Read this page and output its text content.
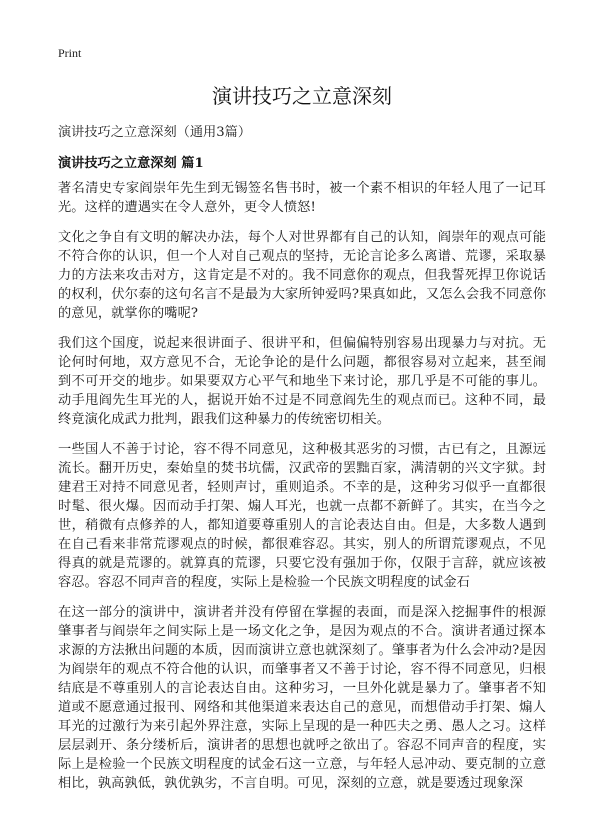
Print
演讲技巧之立意深刻
演讲技巧之立意深刻（通用3篇）
演讲技巧之立意深刻 篇1

著名清史专家阎崇年先生到无锡签名售书时，被一个素不相识的年轻人甩了一记耳光。这样的遭遇实在令人意外，更令人愤怒!

文化之争自有文明的解决办法，每个人对世界都有自己的认知，阎崇年的观点可能不符合你的认识，但一个人对自己观点的坚持，无论言论多么离谱、荒谬，采取暴力的方法来攻击对方，这肯定是不对的。我不同意你的观点，但我誓死捍卫你说话的权利，伏尔泰的这句名言不是最为大家所钟爱吗?果真如此，又怎么会我不同意你的意见，就掌你的嘴呢?

我们这个国度，说起来很讲面子、很讲平和，但偏偏特别容易出现暴力与对抗。无论何时何地，双方意见不合，无论争论的是什么问题，都很容易对立起来，甚至闹到不可开交的地步。如果要双方心平气和地坐下来讨论，那几乎是不可能的事儿。动手甩阎先生耳光的人，据说开始不过是不同意阎先生的观点而已。这种不同，最终竟演化成武力批判，跟我们这种暴力的传统密切相关。

一些国人不善于讨论，容不得不同意见，这种极其恶劣的习惯，古已有之，且源远流长。翻开历史，秦始皇的焚书坑儒，汉武帝的罢黜百家，满清朝的兴文字狱。封建君王对持不同意见者，轻则声讨，重则追杀。不幸的是，这种劣习似乎一直都很时髦、很火爆。因而动手打架、煽人耳光，也就一点都不新鲜了。其实，在当今之世，稍微有点修养的人，都知道要尊重别人的言论表达自由。但是，大多数人遇到在自己看来非常荒谬观点的时候，都很难容忍。其实，别人的所谓荒谬观点，不见得真的就是荒谬的。就算真的荒谬，只要它没有强加于你，仅限于言辞，就应该被容忍。容忍不同声音的程度，实际上是检验一个民族文明程度的试金石

在这一部分的演讲中，演讲者并没有停留在掌握的表面，而是深入挖掘事件的根源肇事者与阎崇年之间实际上是一场文化之争，是因为观点的不合。演讲者通过探本求源的方法揪出问题的本质，因而演讲立意也就深刻了。肇事者为什么会冲动?是因为阎崇年的观点不符合他的认识，而肇事者又不善于讨论，容不得不同意见，归根结底是不尊重别人的言论表达自由。这种劣习，一旦外化就是暴力了。肇事者不知道或不愿意通过报刊、网络和其他渠道来表达自己的意见，而想借动手打架、煽人耳光的过激行为来引起外界注意，实际上呈现的是一种匹夫之勇、愚人之习。这样层层剥开、条分缕析后，演讲者的思想也就呼之欲出了。容忍不同声音的程度，实际上是检验一个民族文明程度的试金石这一立意，与年轻人忌冲动、要克制的立意相比，孰高孰低，孰优孰劣，不言自明。可见，深刻的立意，就是要透过现象深
